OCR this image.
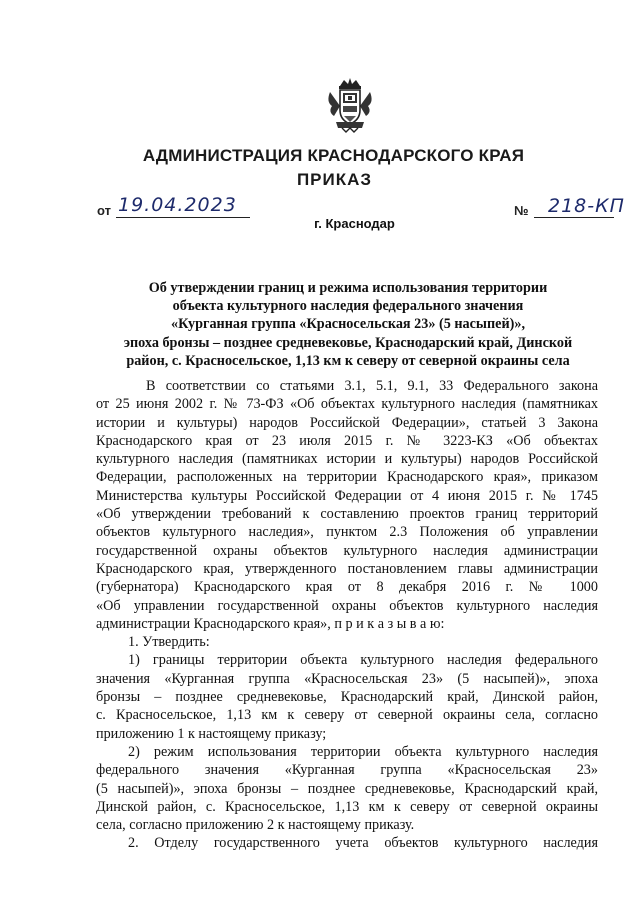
АДМИНИСТРАЦИЯ КРАСНОДАРСКОГО КРАЯ
ПРИКАЗ
от 19.04.2023	№ 218-КП
г. Краснодар
Об утверждении границ и режима использования территории
объекта культурного наследия федерального значения
«Курганная группа «Красносельская 23» (5 насыпей)»,
эпоха бронзы – позднее средневековье, Краснодарский край, Динской
район, с. Красносельское, 1,13 км к северу от северной окраины села
В соответствии со статьями 3.1, 5.1, 9.1, 33 Федерального закона
от 25 июня 2002 г. № 73-ФЗ «Об объектах культурного наследия (памятниках
истории и культуры) народов Российской Федерации», статьей 3 Закона
Краснодарского края от 23 июля 2015 г. № 3223-КЗ «Об объектах
культурного наследия (памятниках истории и культуры) народов Российской
Федерации, расположенных на территории Краснодарского края», приказом
Министерства культуры Российской Федерации от 4 июня 2015 г. № 1745
«Об утверждении требований к составлению проектов границ территорий
объектов культурного наследия», пунктом 2.3 Положения об управлении
государственной охраны объектов культурного наследия администрации
Краснодарского края, утвержденного постановлением главы администрации
(губернатора) Краснодарского края от 8 декабря 2016 г. № 1000
«Об управлении государственной охраны объектов культурного наследия
администрации Краснодарского края», п р и к а з ы в а ю:
1. Утвердить:
1) границы территории объекта культурного наследия федерального
значения «Курганная группа «Красносельская 23» (5 насыпей)», эпоха
бронзы – позднее средневековье, Краснодарский край, Динской район,
с. Красносельское, 1,13 км к северу от северной окраины села, согласно
приложению 1 к настоящему приказу;
2) режим использования территории объекта культурного наследия
федерального значения «Курганная группа «Красносельская 23»
(5 насыпей)», эпоха бронзы – позднее средневековье, Краснодарский край,
Динской район, с. Красносельское, 1,13 км к северу от северной окраины
села, согласно приложению 2 к настоящему приказу.
2. Отделу государственного учета объектов культурного наследия
